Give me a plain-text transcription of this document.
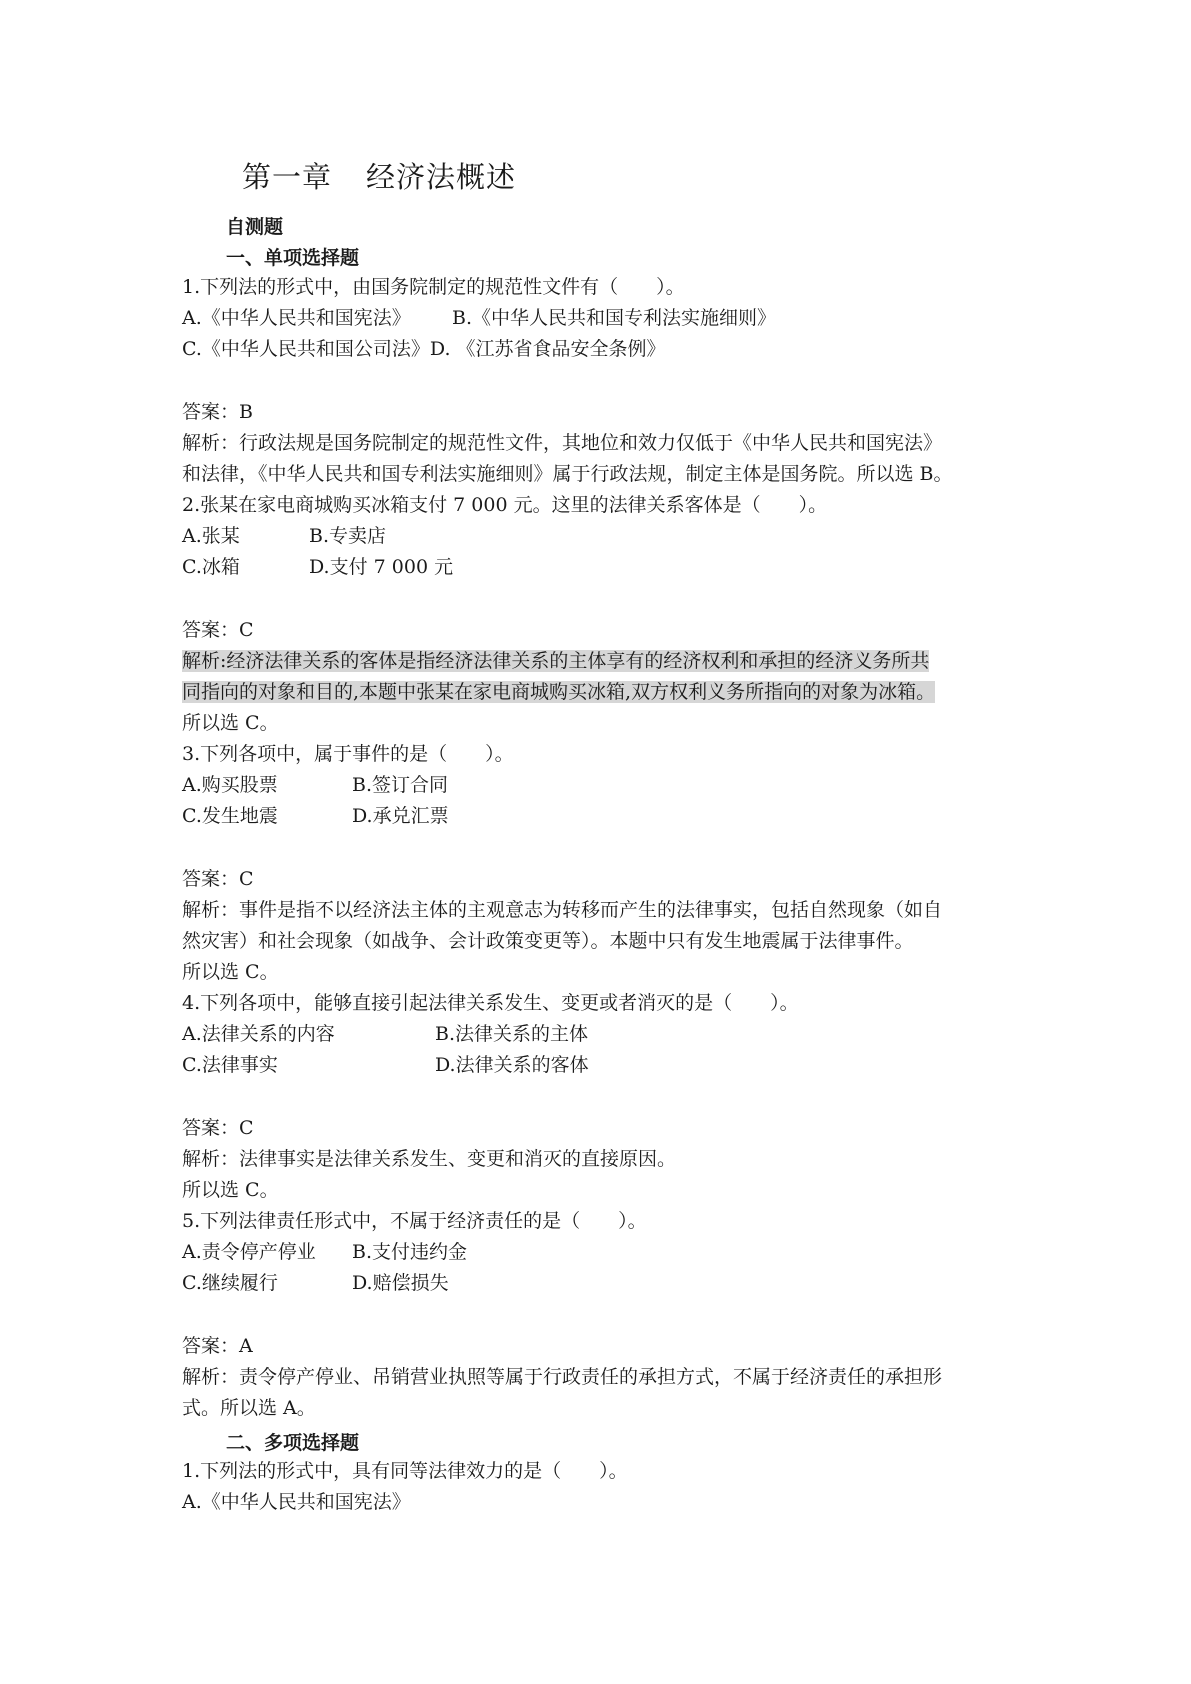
第一章 经济法概述
自测题
一、单项选择题
1.下列法的形式中，由国务院制定的规范性文件有（　　）。
A.《中华人民共和国宪法》 B.《中华人民共和国专利法实施细则》
C.《中华人民共和国公司法》D. 《江苏省食品安全条例》
答案：B
解析：行政法规是国务院制定的规范性文件，其地位和效力仅低于《中华人民共和国宪法》
和法律，《中华人民共和国专利法实施细则》属于行政法规，制定主体是国务院。所以选 B。
2.张某在家电商城购买冰箱支付 7 000 元。这里的法律关系客体是（　　）。
A.张某	B.专卖店
C.冰箱	D.支付 7 000 元
答案：C
解析:经济法律关系的客体是指经济法律关系的主体享有的经济权利和承担的经济义务所共
同指向的对象和目的,本题中张某在家电商城购买冰箱,双方权利义务所指向的对象为冰箱。
所以选 C。
3.下列各项中，属于事件的是（　　）。
A.购买股票	B.签订合同
C.发生地震	D.承兑汇票
答案：C
解析：事件是指不以经济法主体的主观意志为转移而产生的法律事实，包括自然现象（如自
然灾害）和社会现象（如战争、会计政策变更等）。本题中只有发生地震属于法律事件。
所以选 C。
4.下列各项中，能够直接引起法律关系发生、变更或者消灭的是（　　）。
A.法律关系的内容	B.法律关系的主体
C.法律事实	D.法律关系的客体
答案：C
解析：法律事实是法律关系发生、变更和消灭的直接原因。
所以选 C。
5.下列法律责任形式中，不属于经济责任的是（　　）。
A.责令停产停业 B.支付违约金
C.继续履行	D.赔偿损失
答案：A
解析：责令停产停业、吊销营业执照等属于行政责任的承担方式，不属于经济责任的承担形
式。所以选 A。
二、多项选择题
1.下列法的形式中，具有同等法律效力的是（　　）。
A.《中华人民共和国宪法》
